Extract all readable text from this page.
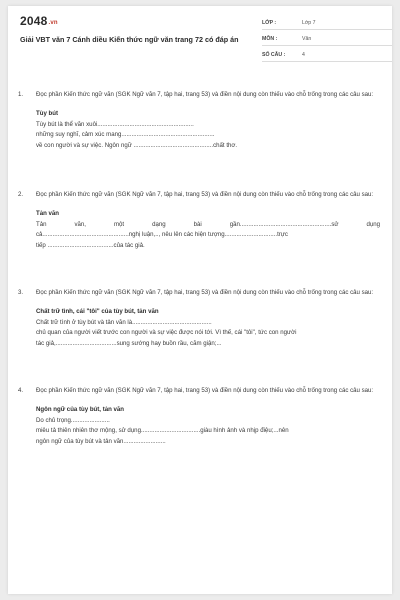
2048.vn
Giải VBT văn 7 Cánh diều Kiến thức ngữ văn trang 72 có đáp án
LỚP :	Lớp 7
MÔN :	Văn
SỐ CÂU :	4
1. Đọc phần Kiến thức ngữ văn (SGK Ngữ văn 7, tập hai, trang 53) và điền nội dung còn thiếu vào chỗ trống trong các câu sau:
Tùy bút
Tùy bút là thể văn xuôi.........................................................
những suy nghĩ, cảm xúc mang.......................................................
về con người và sự việc. Ngôn ngữ ...............................................chất thơ.
2. Đọc phần Kiến thức ngữ văn (SGK Ngữ văn 7, tập hai, trang 53) và điền nội dung còn thiếu vào chỗ trống trong các câu sau:
Tản văn
Tản văn, một dạng bài gần......................................................sử dụng
cả...................................................nghị luận,.., nêu lên các hiện tượng...............................trực
tiếp .......................................của tác giả.
3. Đọc phần Kiến thức ngữ văn (SGK Ngữ văn 7, tập hai, trang 53) và điền nội dung còn thiếu vào chỗ trống trong các câu sau:
Chất trữ tình, cái "tôi" của tùy bút, tản văn
Chất trữ tình ở tùy bút và tản văn là...............................................
chủ quan của người viết trước con người và sự việc được nói tới. Vì thế, cái "tôi", tức con người
tác giả,....................................sung sướng hay buồn rầu, căm giận;...
4. Đọc phần Kiến thức ngữ văn (SGK Ngữ văn 7, tập hai, trang 53) và điền nội dung còn thiếu vào chỗ trống trong các câu sau:
Ngôn ngữ của tùy bút, tản văn
Do chủ trọng.......................
miêu tả thiên nhiên thơ mộng, sử dụng...................................giàu hình ảnh và nhịp điệu;...nên
ngôn ngữ của tùy bút và tản văn.........................
